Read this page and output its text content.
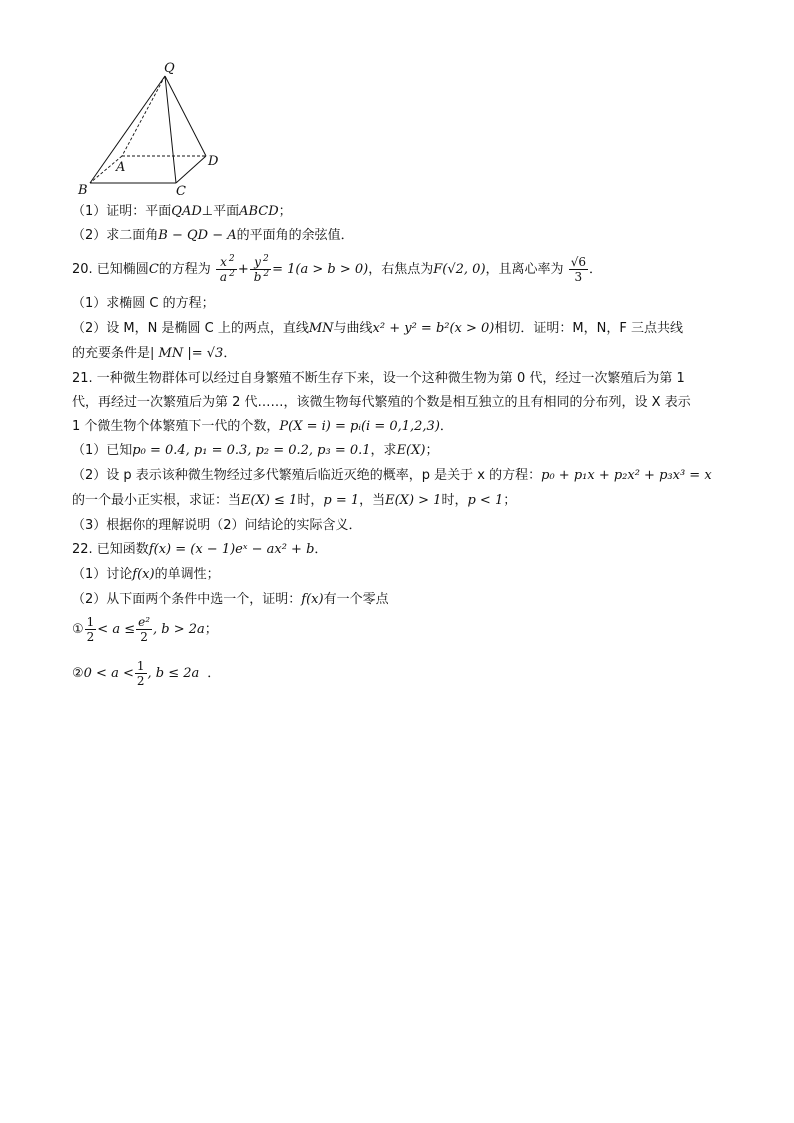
Q
A
B	C
D
（1）证明：平面QAD⊥平面ABCD；
（2）求二面角B − QD − A的平面角的余弦值．
20. 已知椭圆C的方程为 $\frac{x ^2}{a ^2} + \frac{y ^2}{b ^2} = 1(a > b > 0)$，右焦点为F(√2, 0)，且离心率为 $\frac{√6}{3}$ ．
（1）求椭圆 C 的方程；
（2）设 M，N 是椭圆 C 上的两点，直线MN与曲线x² + y² = b²(x > 0)相切．证明：M，N，F 三点共线
的充要条件是| MN |= √3．
21. 一种微生物群体可以经过自身繁殖不断生存下来，设一个这种微生物为第 0 代，经过一次繁殖后为第 1
代，再经过一次繁殖后为第 2 代……，该微生物每代繁殖的个数是相互独立的且有相同的分布列，设 X 表示
1 个微生物个体繁殖下一代的个数，P(X = i) = pᵢ(i = 0,1,2,3)．
（1）已知p₀ = 0.4, p₁ = 0.3, p₂ = 0.2, p₃ = 0.1，求E(X)；
（2）设 p 表示该种微生物经过多代繁殖后临近灭绝的概率，p 是关于 x 的方程：p₀ + p₁x + p₂x² + p₃x³ = x
的一个最小正实根，求证：当E(X) ≤ 1时，p = 1，当E(X) > 1时，p < 1；
（3）根据你的理解说明（2）问结论的实际含义．
22. 已知函数f(x) = (x − 1)eˣ − ax² + b．
（1）讨论f(x)的单调性；
（2）从下面两个条件中选一个，证明：f(x)有一个零点
① $\frac{1}{2} < a \le \frac{\text{e²}}{2}$ , b > 2a；
②0 < $a < \frac{1}{2}$ , b ≤ 2a ．
